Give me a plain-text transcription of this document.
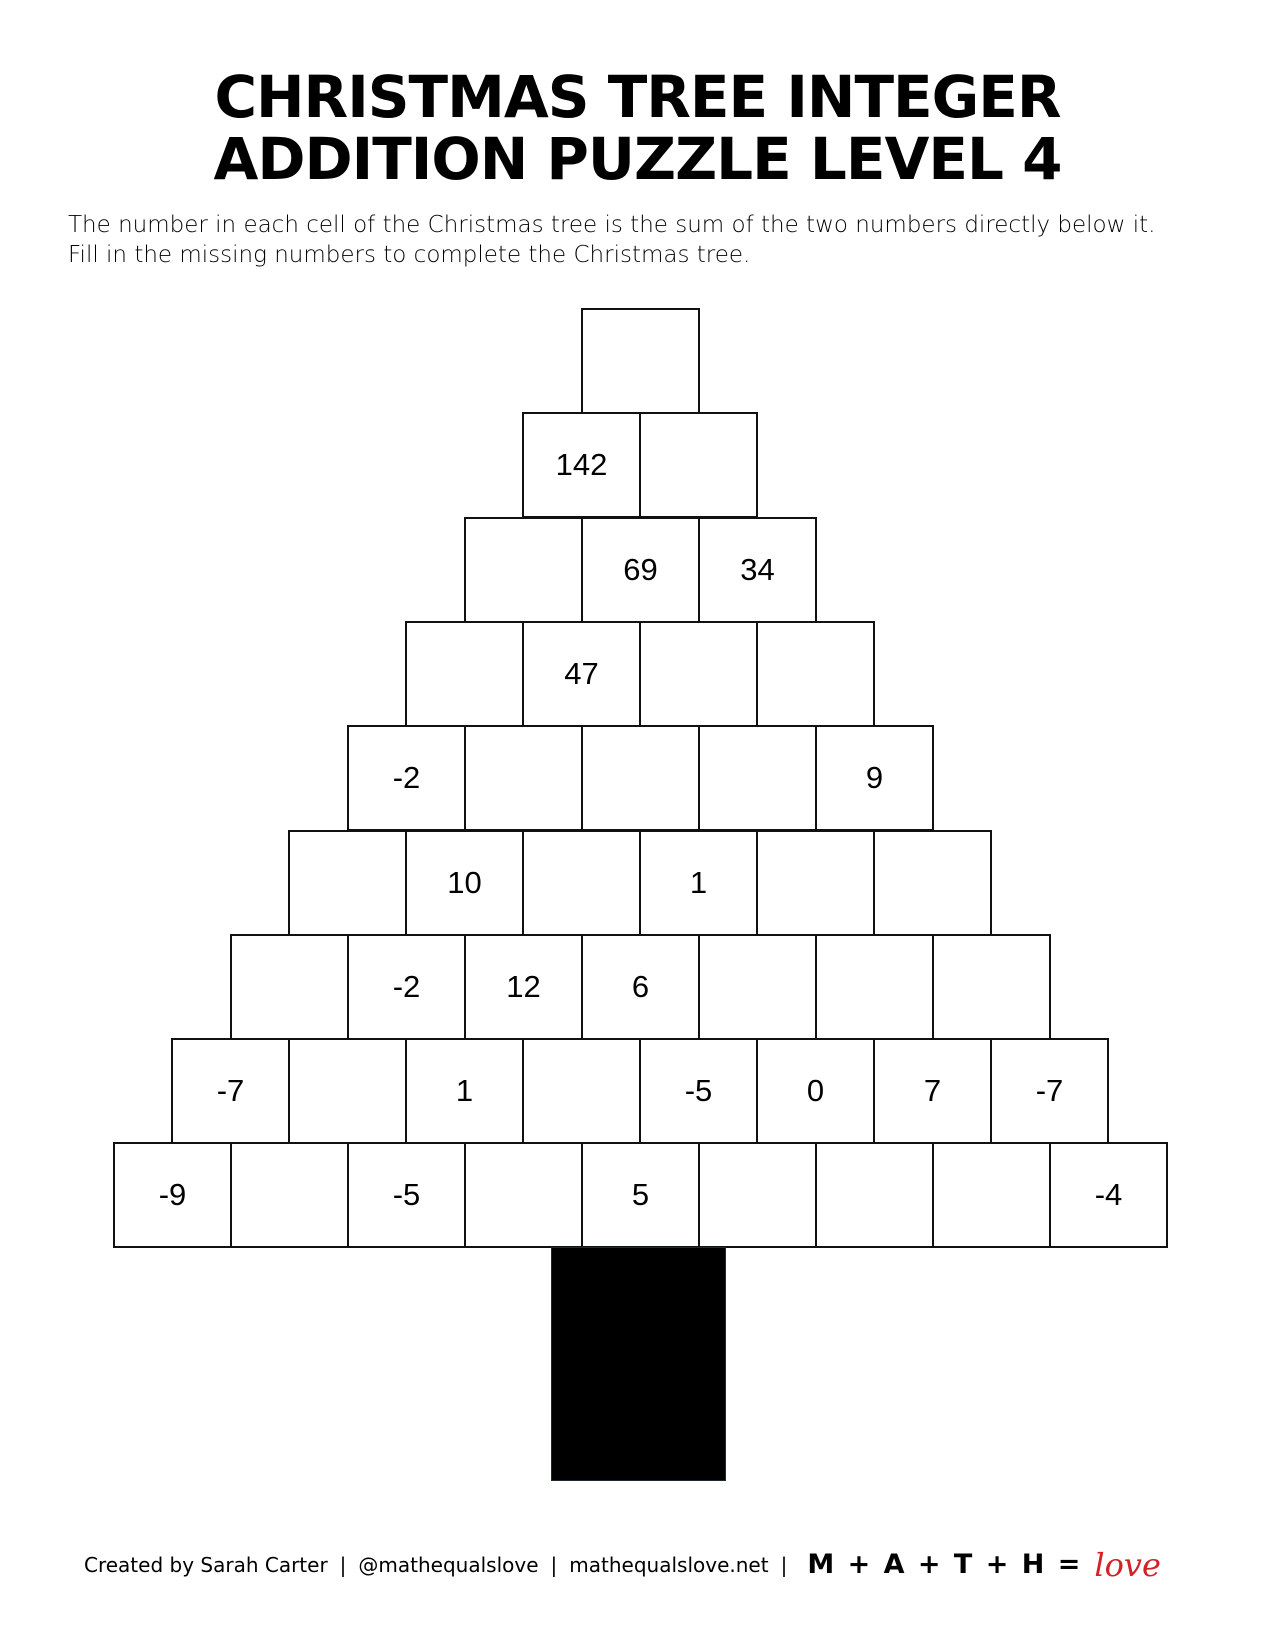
CHRISTMAS TREE INTEGER
ADDITION PUZZLE LEVEL 4
The number in each cell of the Christmas tree is the sum of the two numbers directly below it.
Fill in the missing numbers to complete the Christmas tree.
142
69	34
47
-2	9
10	1
-2	12	6
-7	1	-5	0	7	-7
-9	-5	5	-4
Created by Sarah Carter | @mathequalslove | mathequalslove.net | M + A + T + H = love
